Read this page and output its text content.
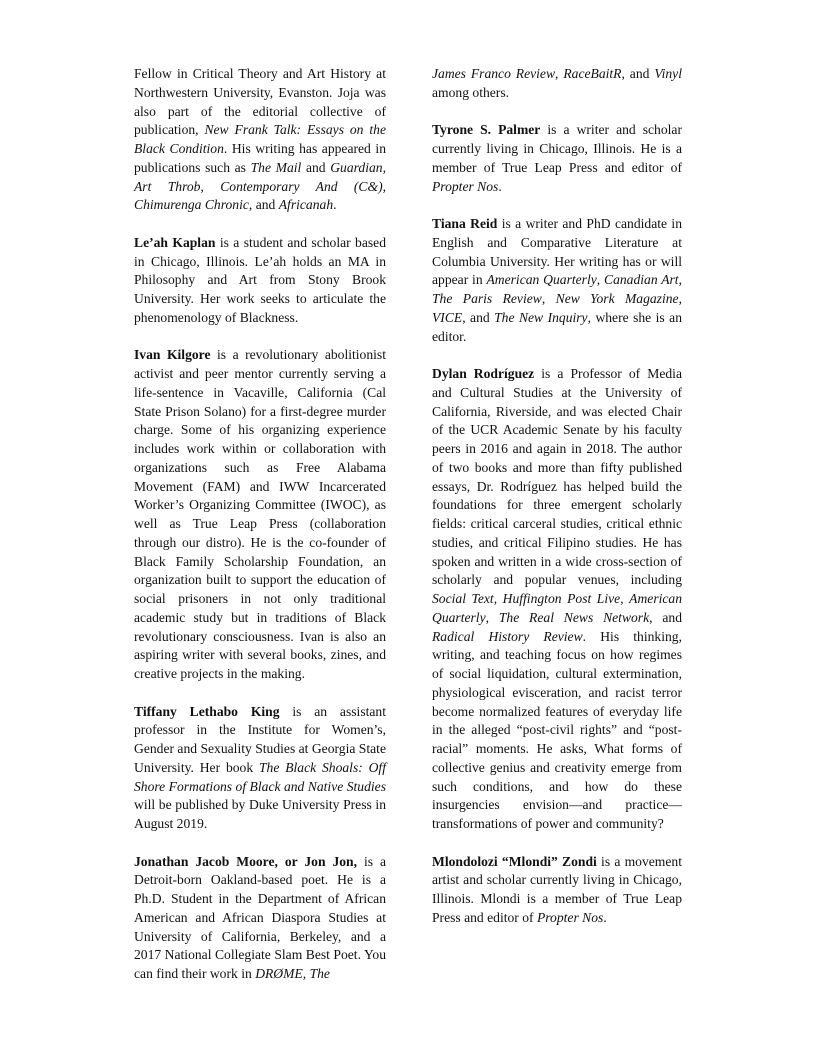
Fellow in Critical Theory and Art History at Northwestern University, Evanston. Joja was also part of the editorial collective of publication, New Frank Talk: Essays on the Black Condition. His writing has appeared in publications such as The Mail and Guardian, Art Throb, Contemporary And (C&), Chimurenga Chronic, and Africanah.

Le’ah Kaplan is a student and scholar based in Chicago, Illinois. Le’ah holds an MA in Philosophy and Art from Stony Brook University. Her work seeks to articulate the phenomenology of Blackness.

Ivan Kilgore is a revolutionary abolitionist activist and peer mentor currently serving a life-sentence in Vacaville, California (Cal State Prison Solano) for a first-degree murder charge. Some of his organizing experience includes work within or collaboration with organizations such as Free Alabama Movement (FAM) and IWW Incarcerated Worker’s Organizing Committee (IWOC), as well as True Leap Press (collaboration through our distro). He is the co-founder of Black Family Scholarship Foundation, an organization built to support the education of social prisoners in not only traditional academic study but in traditions of Black revolutionary consciousness. Ivan is also an aspiring writer with several books, zines, and creative projects in the making.

Tiffany Lethabo King is an assistant professor in the Institute for Women’s, Gender and Sexuality Studies at Georgia State University. Her book The Black Shoals: Off Shore Formations of Black and Native Studies will be published by Duke University Press in August 2019.

Jonathan Jacob Moore, or Jon Jon, is a Detroit-born Oakland-based poet. He is a Ph.D. Student in the Department of African American and African Diaspora Studies at University of California, Berkeley, and a 2017 National Collegiate Slam Best Poet. You can find their work in DRØME, The

James Franco Review, RaceBaitR, and Vinyl among others.

Tyrone S. Palmer is a writer and scholar currently living in Chicago, Illinois. He is a member of True Leap Press and editor of Propter Nos.

Tiana Reid is a writer and PhD candidate in English and Comparative Literature at Columbia University. Her writing has or will appear in American Quarterly, Canadian Art, The Paris Review, New York Magazine, VICE, and The New Inquiry, where she is an editor.

Dylan Rodríguez is a Professor of Media and Cultural Studies at the University of California, Riverside, and was elected Chair of the UCR Academic Senate by his faculty peers in 2016 and again in 2018. The author of two books and more than fifty published essays, Dr. Rodríguez has helped build the foundations for three emergent scholarly fields: critical carceral studies, critical ethnic studies, and critical Filipino studies. He has spoken and written in a wide cross-section of scholarly and popular venues, including Social Text, Huffington Post Live, American Quarterly, The Real News Network, and Radical History Review. His thinking, writing, and teaching focus on how regimes of social liquidation, cultural extermination, physiological evisceration, and racist terror become normalized features of everyday life in the alleged “post-civil rights” and “post-racial” moments. He asks, What forms of collective genius and creativity emerge from such conditions, and how do these insurgencies envision—and practice—transformations of power and community?

Mlondolozi “Mlondi” Zondi is a movement artist and scholar currently living in Chicago, Illinois. Mlondi is a member of True Leap Press and editor of Propter Nos.
